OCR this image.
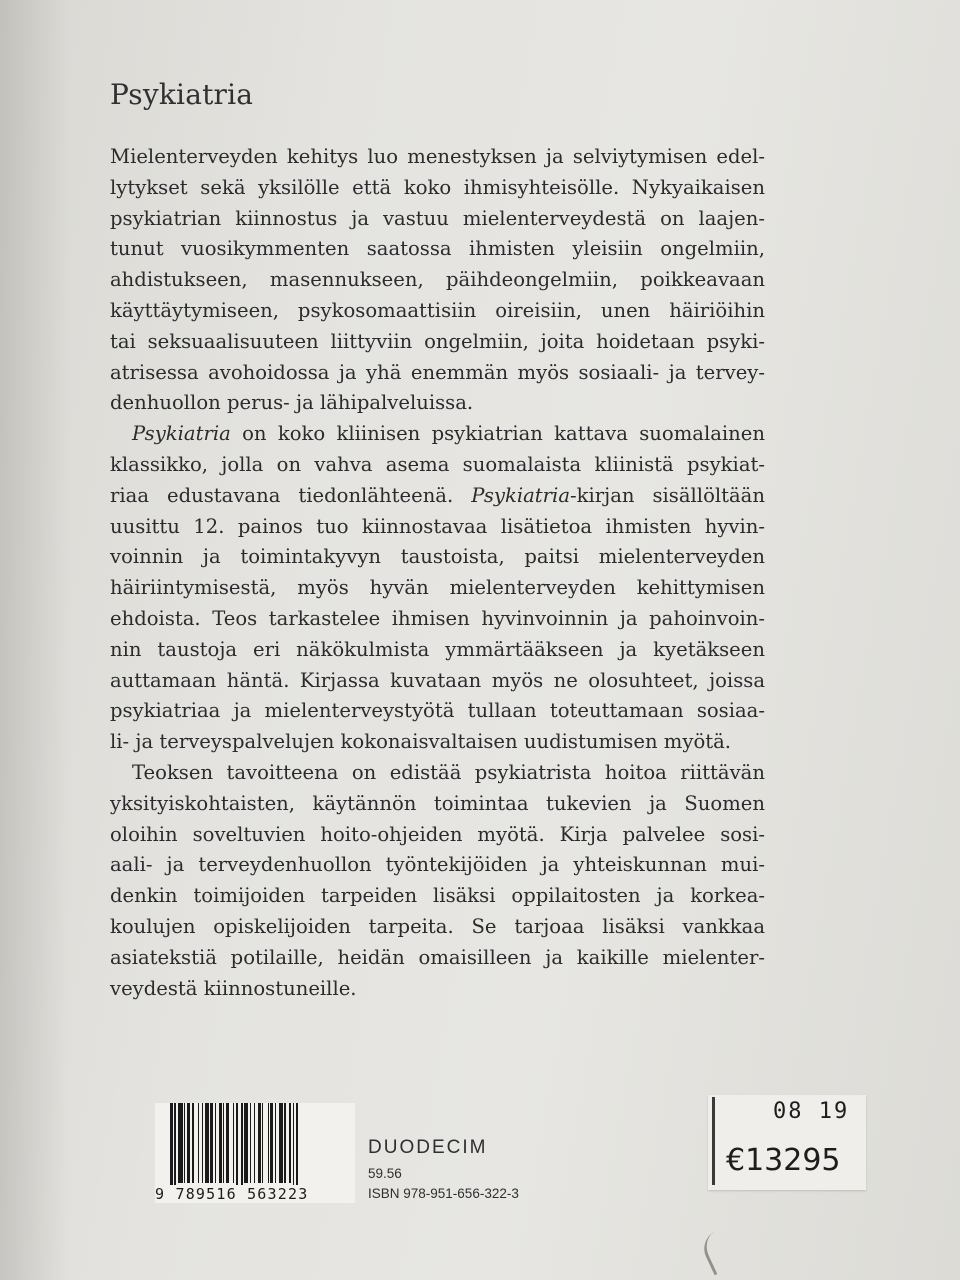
Psykiatria
Mielenterveyden kehitys luo menestyksen ja selviytymisen edel-
lytykset sekä yksilölle että koko ihmisyhteisölle. Nykyaikaisen
psykiatrian kiinnostus ja vastuu mielenterveydestä on laajen-
tunut vuosikymmenten saatossa ihmisten yleisiin ongelmiin,
ahdistukseen, masennukseen, päihdeongelmiin, poikkeavaan
käyttäytymiseen, psykosomaattisiin oireisiin, unen häiriöihin
tai seksuaalisuuteen liittyviin ongelmiin, joita hoidetaan psyki-
atrisessa avohoidossa ja yhä enemmän myös sosiaali- ja tervey-
denhuollon perus- ja lähipalveluissa.
Psykiatria on koko kliinisen psykiatrian kattava suomalainen
klassikko, jolla on vahva asema suomalaista kliinistä psykiat-
riaa edustavana tiedonlähteenä. Psykiatria-kirjan sisällöltään
uusittu 12. painos tuo kiinnostavaa lisätietoa ihmisten hyvin-
voinnin ja toimintakyvyn taustoista, paitsi mielenterveyden
häiriintymisestä, myös hyvän mielenterveyden kehittymisen
ehdoista. Teos tarkastelee ihmisen hyvinvoinnin ja pahoinvoin-
nin taustoja eri näkökulmista ymmärtääkseen ja kyetäkseen
auttamaan häntä. Kirjassa kuvataan myös ne olosuhteet, joissa
psykiatriaa ja mielenterveystyötä tullaan toteuttamaan sosiaa-
li- ja terveyspalvelujen kokonaisvaltaisen uudistumisen myötä.
Teoksen tavoitteena on edistää psykiatrista hoitoa riittävän
yksityiskohtaisten, käytännön toimintaa tukevien ja Suomen
oloihin soveltuvien hoito-ohjeiden myötä. Kirja palvelee sosi-
aali- ja terveydenhuollon työntekijöiden ja yhteiskunnan mui-
denkin toimijoiden tarpeiden lisäksi oppilaitosten ja korkea-
koulujen opiskelijoiden tarpeita. Se tarjoaa lisäksi vankkaa
asiatekstiä potilaille, heidän omaisilleen ja kaikille mielenter-
veydestä kiinnostuneille.
9 789516 563223
DUODECIM
59.56
ISBN 978-951-656-322-3
08 19
€13295
